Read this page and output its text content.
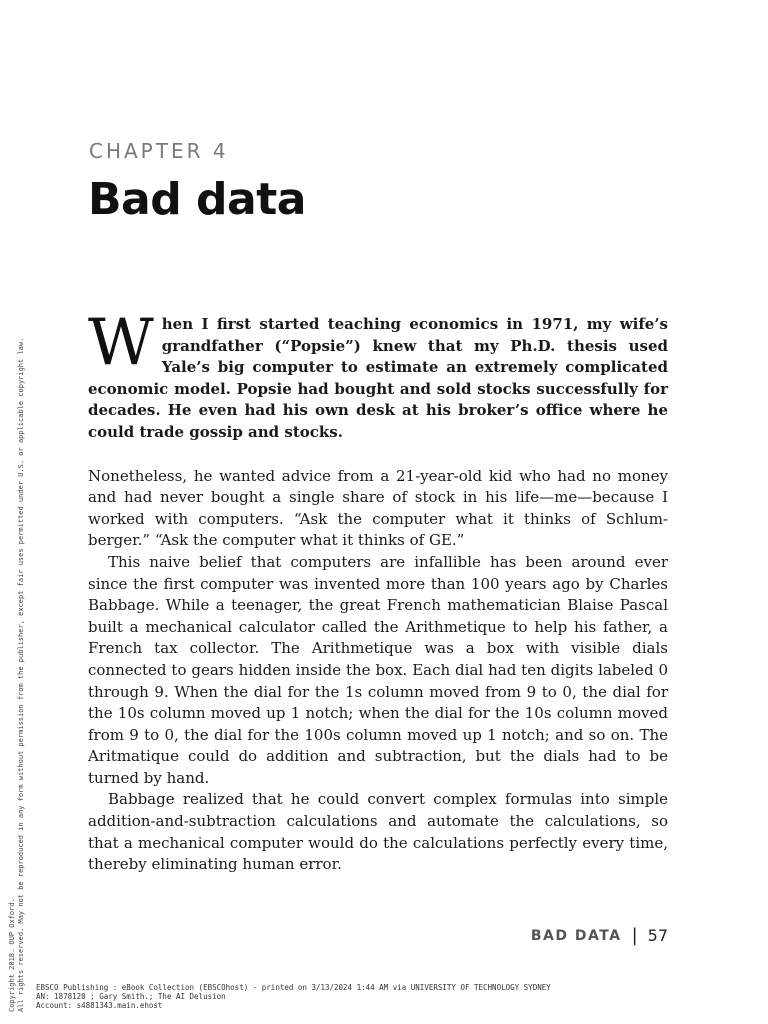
Copyright 2018. OUP Oxford. All rights reserved. May not be reproduced in any form without permission from the publisher, except fair uses permitted under U.S. or applicable copyright law.
CHAPTER 4
Bad data

When I first started teaching economics in 1971, my wife’s grandfather (“Popsie”) knew that my Ph.D. thesis used Yale’s big computer to estimate an extremely complicated economic model. Popsie had bought and sold stocks successfully for decades. He even had his own desk at his broker’s office where he could trade gossip and stocks.

Nonetheless, he wanted advice from a 21-year-old kid who had no money and had never bought a single share of stock in his life—me—because I worked with computers. “Ask the computer what it thinks of Schlumberger.” “Ask the computer what it thinks of GE.”

This naive belief that computers are infallible has been around ever since the first computer was invented more than 100 years ago by Charles Babbage. While a teenager, the great French mathematician Blaise Pascal built a mechanical calculator called the Arithmetique to help his father, a French tax collector. The Arithmetique was a box with visible dials connected to gears hidden inside the box. Each dial had ten digits labeled 0 through 9. When the dial for the 1s column moved from 9 to 0, the dial for the 10s column moved up 1 notch; when the dial for the 10s column moved from 9 to 0, the dial for the 100s column moved up 1 notch; and so on. The Aritmatique could do addition and subtraction, but the dials had to be turned by hand.

Babbage realized that he could convert complex formulas into simple addition-and-subtraction calculations and automate the calculations, so that a mechanical computer would do the calculations perfectly every time, thereby eliminating human error.

BAD DATA | 57
EBSCO Publishing : eBook Collection (EBSCOhost) - printed on 3/13/2024 1:44 AM via UNIVERSITY OF TECHNOLOGY SYDNEY
AN: 1878120 ; Gary Smith.; The AI Delusion
Account: s4881343.main.ehost
